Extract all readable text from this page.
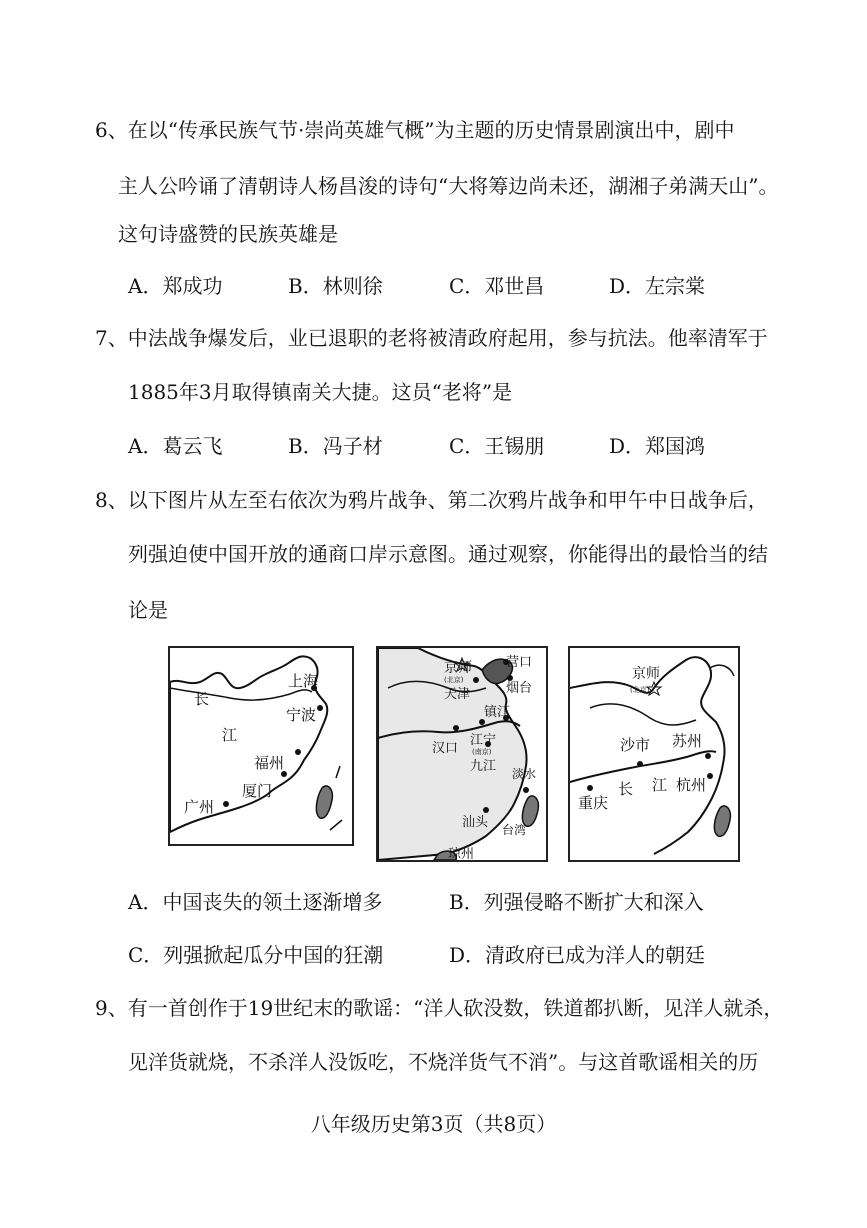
6、在以“传承民族气节·崇尚英雄气概”为主题的历史情景剧演出中，剧中
主人公吟诵了清朝诗人杨昌浚的诗句“大将筹边尚未还，湖湘子弟满天山”。
这句诗盛赞的民族英雄是
A．郑成功	B．林则徐	C．邓世昌	D．左宗棠
7、中法战争爆发后，业已退职的老将被清政府起用，参与抗法。他率清军于
1885年3月取得镇南关大捷。这员“老将”是
A．葛云飞	B．冯子材	C．王锡朋	D．郑国鸿
8、以下图片从左至右依次为鸦片战争、第二次鸦片战争和甲午中日战争后，
列强迫使中国开放的通商口岸示意图。通过观察，你能得出的最恰当的结
论是
长
江
上海
宁波
福州
厦门
广州
京师
(北京)
天津
营口
烟台
镇江
汉口
江宁
(南京)
九江 淡水
汕头 台湾
琼州
京师
(北京)
沙市 苏州
重庆
长 江 杭州
A．中国丧失的领土逐渐增多	B．列强侵略不断扩大和深入
C．列强掀起瓜分中国的狂潮	D．清政府已成为洋人的朝廷
9、有一首创作于19世纪末的歌谣：“洋人砍没数，铁道都扒断，见洋人就杀，
见洋货就烧，不杀洋人没饭吃，不烧洋货气不消”。与这首歌谣相关的历
八年级历史第3页（共8页）
